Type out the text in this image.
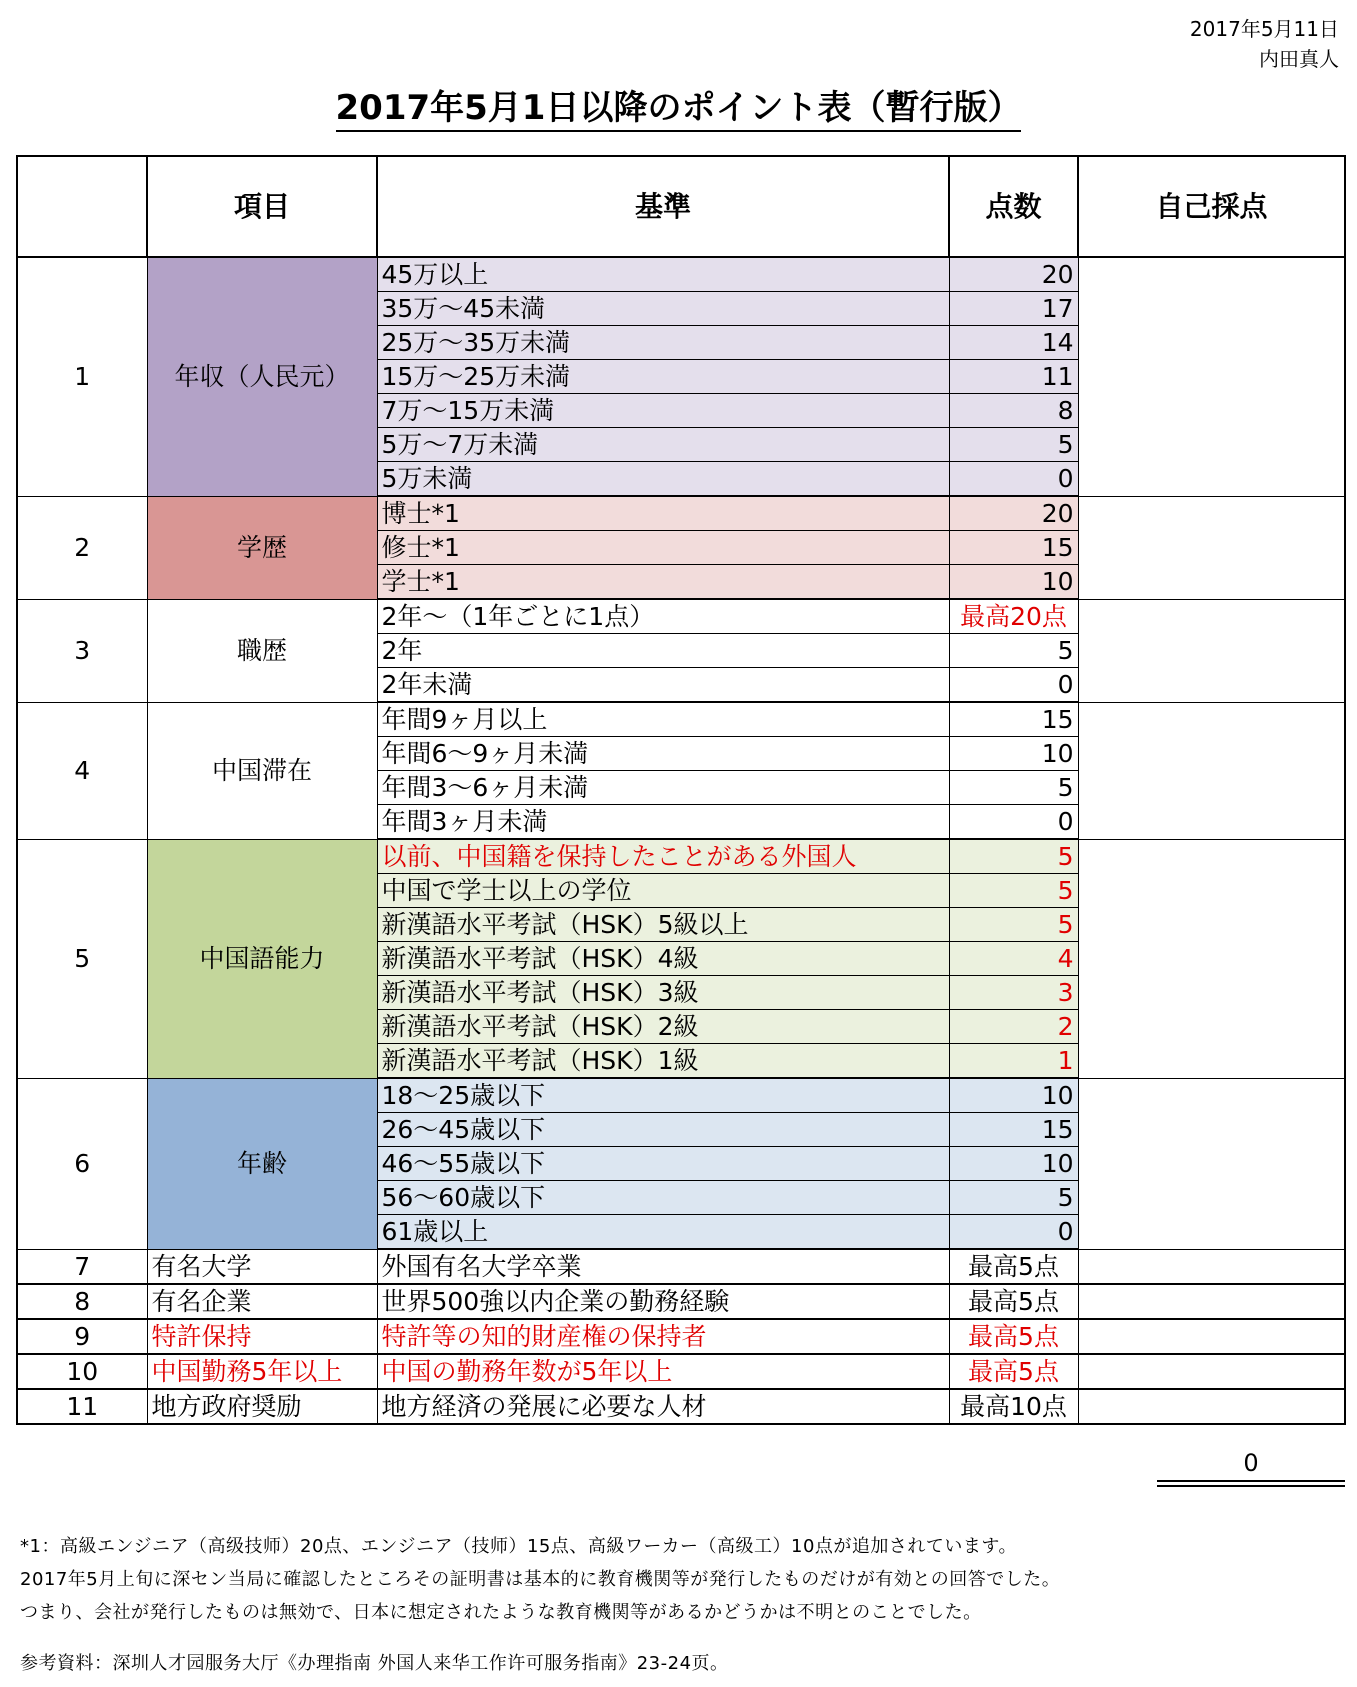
2017年5月11日
内田真人
2017年5月1日以降のポイント表（暫行版）
	項目	基準	点数	自己採点
1	年収（人民元）	45万以上	20	
		35万～45未満	17	
		25万～35万未満	14	
		15万～25万未満	11	
		7万～15万未満	8	
		5万～7万未満	5	
		5万未満	0	
2	学歴	博士*1	20	
		修士*1	15	
		学士*1	10	
3	職歴	2年～（1年ごとに1点）	最高20点	
		2年	5	
		2年未満	0	
4	中国滞在	年間9ヶ月以上	15	
		年間6～9ヶ月未満	10	
		年間3～6ヶ月未満	5	
		年間3ヶ月未満	0	
5	中国語能力	以前、中国籍を保持したことがある外国人	5	
		中国で学士以上の学位	5	
		新漢語水平考試（HSK）5級以上	5	
		新漢語水平考試（HSK）4級	4	
		新漢語水平考試（HSK）3級	3	
		新漢語水平考試（HSK）2級	2	
		新漢語水平考試（HSK）1級	1	
6	年齢	18～25歳以下	10	
		26～45歳以下	15	
		46～55歳以下	10	
		56～60歳以下	5	
		61歳以上	0	
7	有名大学	外国有名大学卒業	最高5点	
8	有名企業	世界500強以内企業の勤務経験	最高5点	
9	特許保持	特許等の知的財産権の保持者	最高5点	
10	中国勤務5年以上	中国の勤務年数が5年以上	最高5点	
11	地方政府奨励	地方経済の発展に必要な人材	最高10点	
0
*1：高級エンジニア（高级技师）20点、エンジニア（技师）15点、高級ワーカー（高级工）10点が追加されています。
2017年5月上旬に深セン当局に確認したところその証明書は基本的に教育機関等が発行したものだけが有効との回答でした。
つまり、会社が発行したものは無効で、日本に想定されたような教育機関等があるかどうかは不明とのことでした。
参考資料：深圳人才园服务大厅《办理指南 外国人来华工作许可服务指南》23-24页。
